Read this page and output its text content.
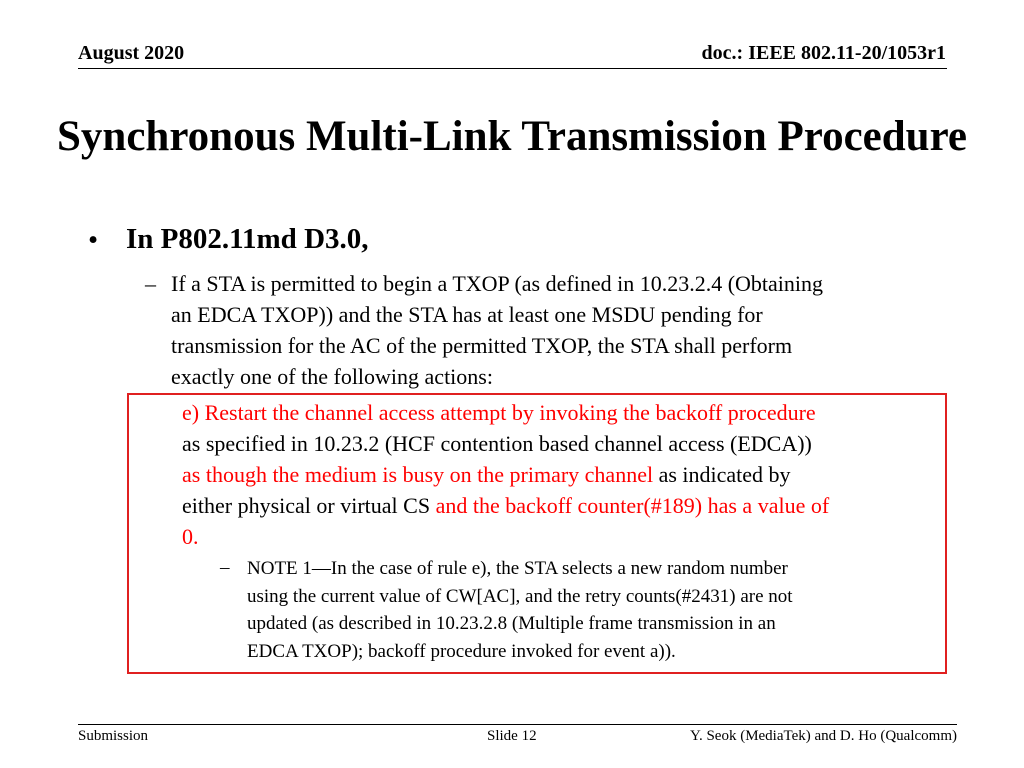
August 2020	doc.: IEEE 802.11-20/1053r1
Synchronous Multi-Link Transmission Procedure
• In P802.11md D3.0,
– If a STA is permitted to begin a TXOP (as defined in 10.23.2.4 (Obtaining
an EDCA TXOP)) and the STA has at least one MSDU pending for
transmission for the AC of the permitted TXOP, the STA shall perform
exactly one of the following actions:
e) Restart the channel access attempt by invoking the backoff procedure
as specified in 10.23.2 (HCF contention based channel access (EDCA))
as though the medium is busy on the primary channel as indicated by
either physical or virtual CS and the backoff counter(#189) has a value of
0.
– NOTE 1—In the case of rule e), the STA selects a new random number
using the current value of CW[AC], and the retry counts(#2431) are not
updated (as described in 10.23.2.8 (Multiple frame transmission in an
EDCA TXOP); backoff procedure invoked for event a)).
Submission	Slide 12	Y. Seok (MediaTek) and D. Ho (Qualcomm)
